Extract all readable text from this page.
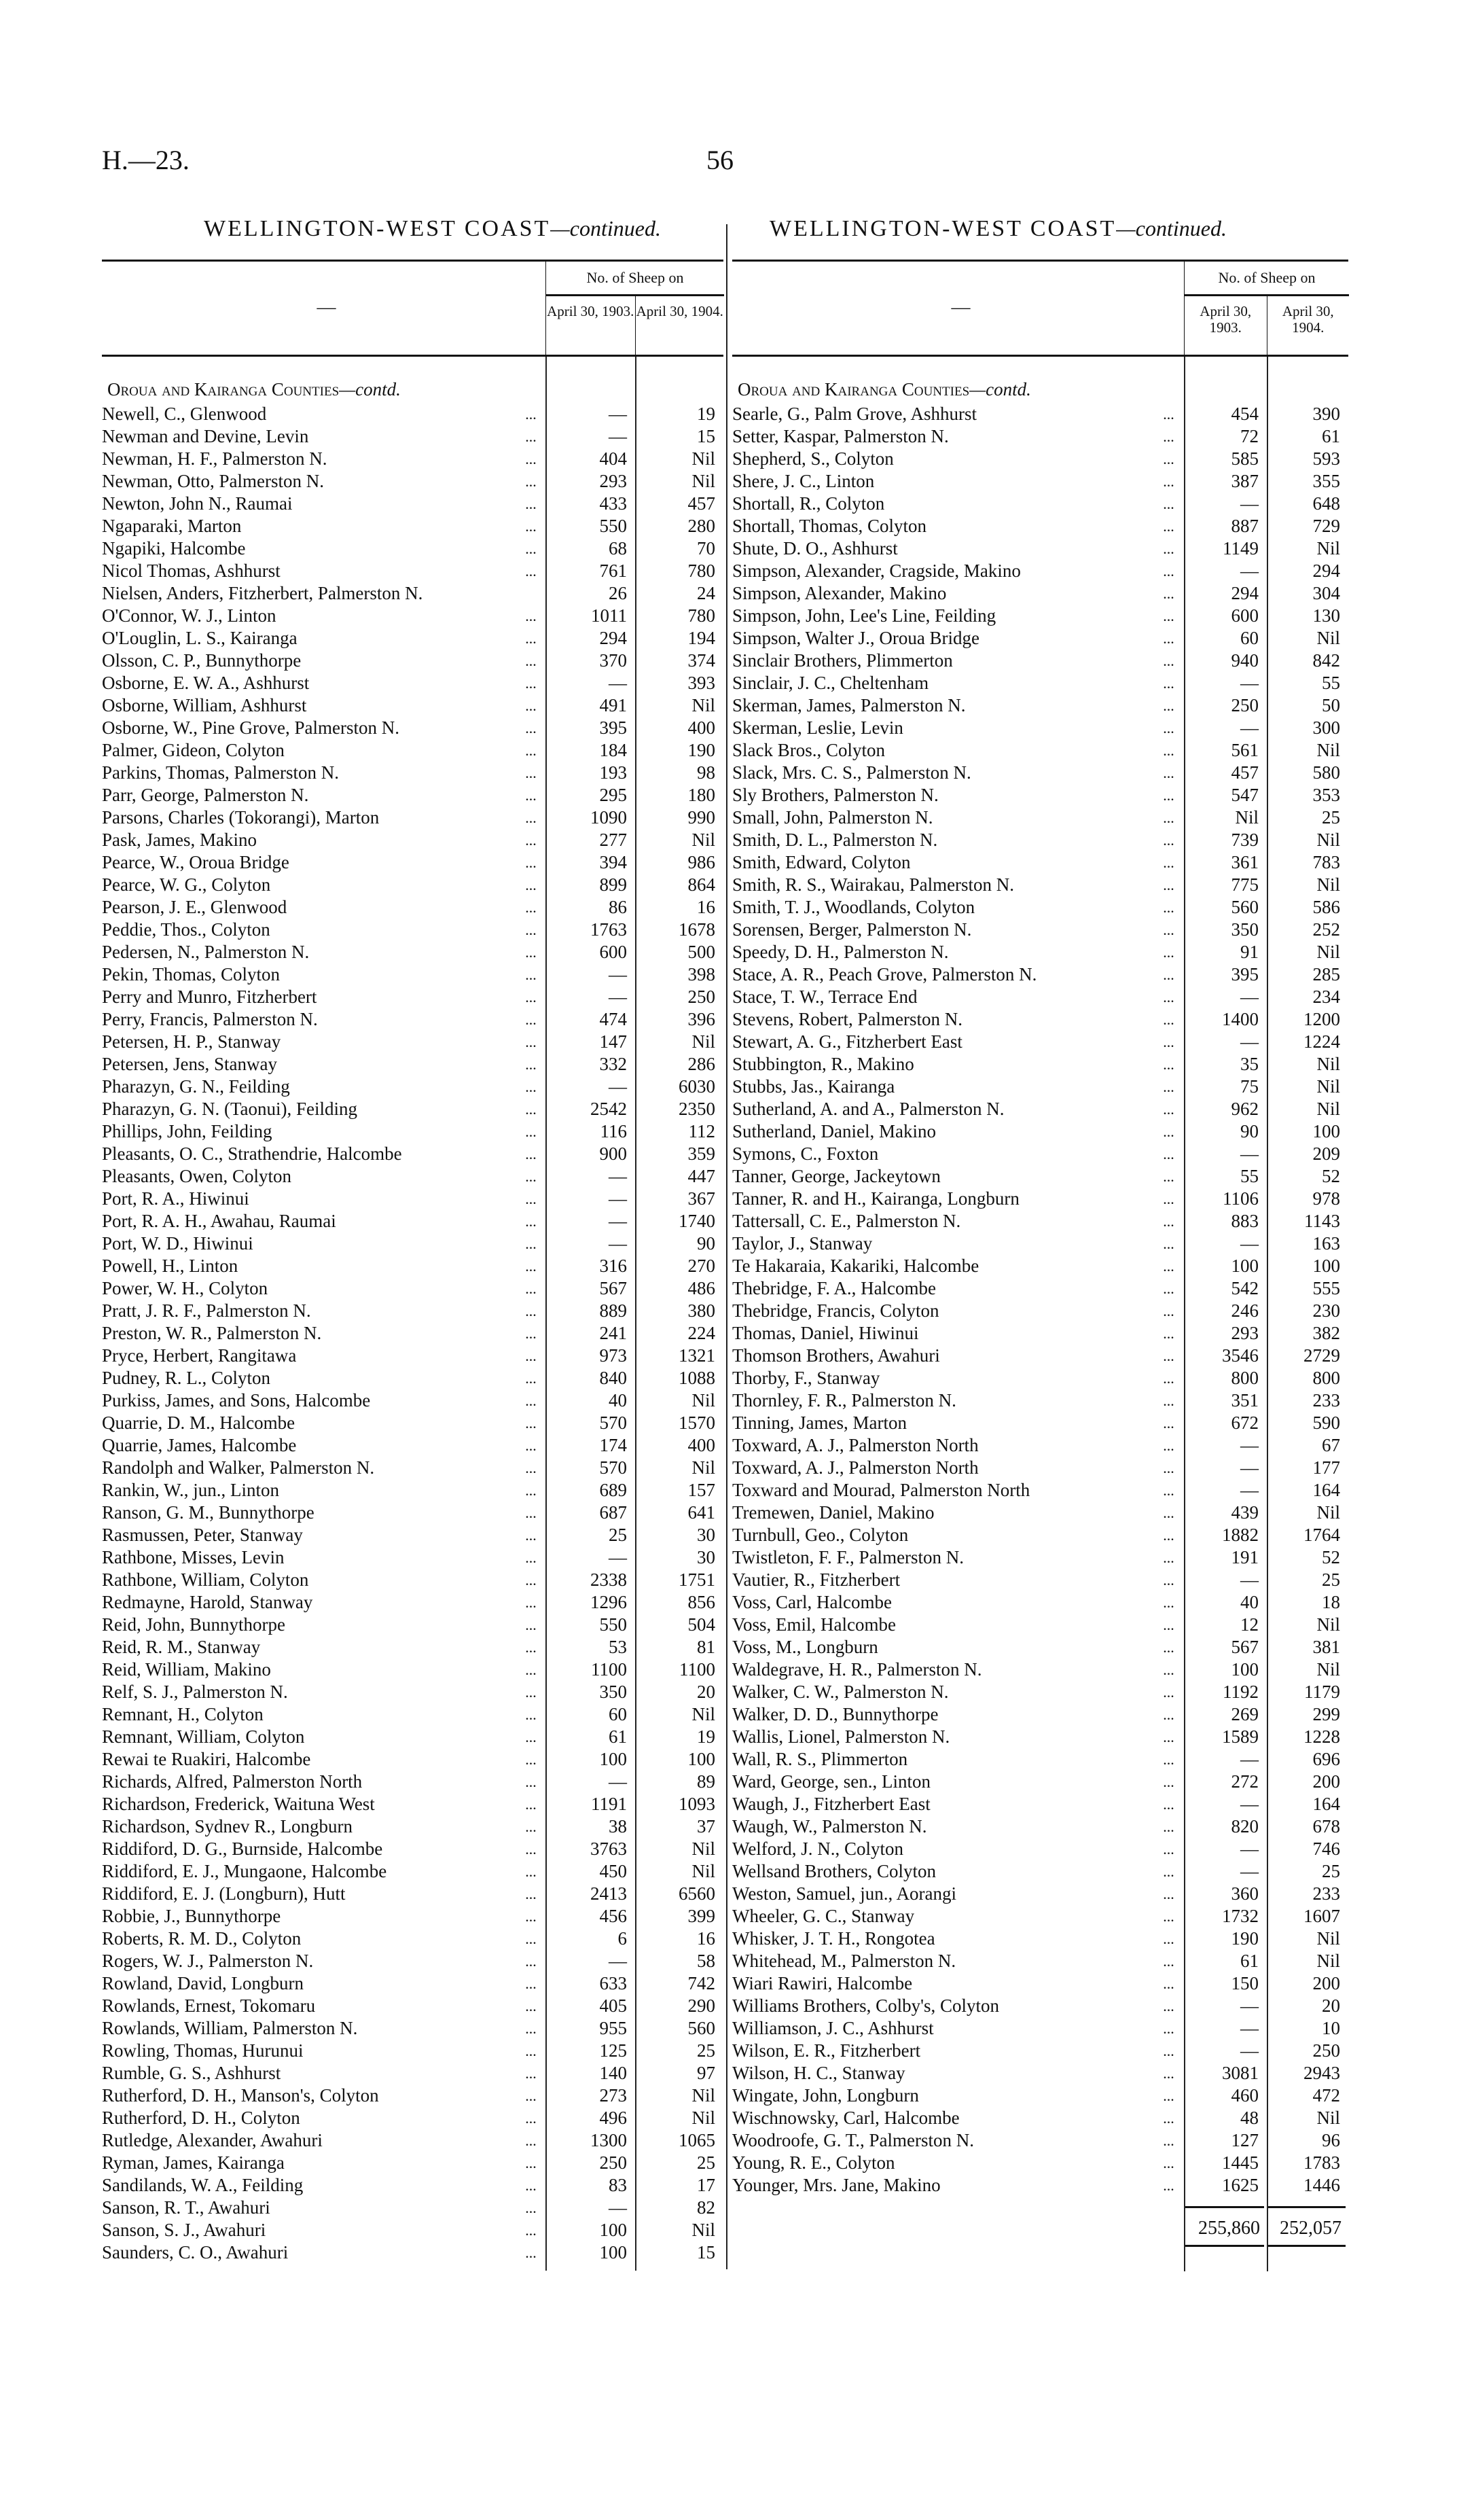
H.—23.	56
WELLINGTON-WEST COAST—continued.	WELLINGTON-WEST COAST—continued.
—
No. of Sheep on
April 30, 1903. April 30, 1904.
Oroua and Kairanga Counties—contd.
Newell, C., Glenwood	...	—	19
Newman and Devine, Levin	...	—	15
Newman, H. F., Palmerston N.	...	404	Nil
Newman, Otto, Palmerston N.	...	293	Nil
Newton, John N., Raumai	...	433	457
Ngaparaki, Marton	...	550	280
Ngapiki, Halcombe	...	68	70
Nicol Thomas, Ashhurst	...	761	780
Nielsen, Anders, Fitzherbert, Palmerston N.	26	24
O'Connor, W. J., Linton	...	1011	780
O'Louglin, L. S., Kairanga	...	294	194
Olsson, C. P., Bunnythorpe	...	370	374
Osborne, E. W. A., Ashhurst	...	—	393
Osborne, William, Ashhurst	...	491	Nil
Osborne, W., Pine Grove, Palmerston N.	...	395	400
Palmer, Gideon, Colyton	...	184	190
Parkins, Thomas, Palmerston N.	...	193	98
Parr, George, Palmerston N.	...	295	180
Parsons, Charles (Tokorangi), Marton	...	1090	990
Pask, James, Makino	...	277	Nil
Pearce, W., Oroua Bridge	...	394	986
Pearce, W. G., Colyton	...	899	864
Pearson, J. E., Glenwood	...	86	16
Peddie, Thos., Colyton	...	1763	1678
Pedersen, N., Palmerston N.	...	600	500
Pekin, Thomas, Colyton	...	—	398
Perry and Munro, Fitzherbert	...	—	250
Perry, Francis, Palmerston N.	...	474	396
Petersen, H. P., Stanway	...	147	Nil
Petersen, Jens, Stanway	...	332	286
Pharazyn, G. N., Feilding	...	—	6030
Pharazyn, G. N. (Taonui), Feilding	...	2542	2350
Phillips, John, Feilding	...	116	112
Pleasants, O. C., Strathendrie, Halcombe	...	900	359
Pleasants, Owen, Colyton	...	—	447
Port, R. A., Hiwinui	...	—	367
Port, R. A. H., Awahau, Raumai	...	—	1740
Port, W. D., Hiwinui	...	—	90
Powell, H., Linton	...	316	270
Power, W. H., Colyton	...	567	486
Pratt, J. R. F., Palmerston N.	...	889	380
Preston, W. R., Palmerston N.	...	241	224
Pryce, Herbert, Rangitawa	...	973	1321
Pudney, R. L., Colyton	...	840	1088
Purkiss, James, and Sons, Halcombe	...	40	Nil
Quarrie, D. M., Halcombe	...	570	1570
Quarrie, James, Halcombe	...	174	400
Randolph and Walker, Palmerston N.	...	570	Nil
Rankin, W., jun., Linton	...	689	157
Ranson, G. M., Bunnythorpe	...	687	641
Rasmussen, Peter, Stanway	...	25	30
Rathbone, Misses, Levin	...	—	30
Rathbone, William, Colyton	...	2338	1751
Redmayne, Harold, Stanway	...	1296	856
Reid, John, Bunnythorpe	...	550	504
Reid, R. M., Stanway	...	53	81
Reid, William, Makino	...	1100	1100
Relf, S. J., Palmerston N.	...	350	20
Remnant, H., Colyton	...	60	Nil
Remnant, William, Colyton	...	61	19
Rewai te Ruakiri, Halcombe	...	100	100
Richards, Alfred, Palmerston North	...	—	89
Richardson, Frederick, Waituna West	...	1191	1093
Richardson, Sydnev R., Longburn	...	38	37
Riddiford, D. G., Burnside, Halcombe	...	3763	Nil
Riddiford, E. J., Mungaone, Halcombe	...	450	Nil
Riddiford, E. J. (Longburn), Hutt	...	2413	6560
Robbie, J., Bunnythorpe	...	456	399
Roberts, R. M. D., Colyton	...	6	16
Rogers, W. J., Palmerston N.	...	—	58
Rowland, David, Longburn	...	633	742
Rowlands, Ernest, Tokomaru	...	405	290
Rowlands, William, Palmerston N.	...	955	560
Rowling, Thomas, Hurunui	...	125	25
Rumble, G. S., Ashhurst	...	140	97
Rutherford, D. H., Manson's, Colyton	...	273	Nil
Rutherford, D. H., Colyton	...	496	Nil
Rutledge, Alexander, Awahuri	...	1300	1065
Ryman, James, Kairanga	...	250	25
Sandilands, W. A., Feilding	...	83	17
Sanson, R. T., Awahuri	...	—	82
Sanson, S. J., Awahuri	...	100	Nil
Saunders, C. O., Awahuri	...	100	15
—
No. of Sheep on
April 30, 1903.
April 30, 1904.
Oroua and Kairanga Counties—contd.
Searle, G., Palm Grove, Ashhurst	...	454	390
Setter, Kaspar, Palmerston N.	...	72	61
Shepherd, S., Colyton	...	585	593
Shere, J. C., Linton	...	387	355
Shortall, R., Colyton	...	—	648
Shortall, Thomas, Colyton	...	887	729
Shute, D. O., Ashhurst	...	1149	Nil
Simpson, Alexander, Cragside, Makino	...	—	294
Simpson, Alexander, Makino	...	294	304
Simpson, John, Lee's Line, Feilding	...	600	130
Simpson, Walter J., Oroua Bridge	...	60	Nil
Sinclair Brothers, Plimmerton	...	940	842
Sinclair, J. C., Cheltenham	...	—	55
Skerman, James, Palmerston N.	...	250	50
Skerman, Leslie, Levin	...	—	300
Slack Bros., Colyton	...	561	Nil
Slack, Mrs. C. S., Palmerston N.	...	457	580
Sly Brothers, Palmerston N.	...	547	353
Small, John, Palmerston N.	...	Nil	25
Smith, D. L., Palmerston N.	...	739	Nil
Smith, Edward, Colyton	...	361	783
Smith, R. S., Wairakau, Palmerston N.	...	775	Nil
Smith, T. J., Woodlands, Colyton	...	560	586
Sorensen, Berger, Palmerston N.	...	350	252
Speedy, D. H., Palmerston N.	...	91	Nil
Stace, A. R., Peach Grove, Palmerston N.	...	395	285
Stace, T. W., Terrace End	...	—	234
Stevens, Robert, Palmerston N.	...	1400	1200
Stewart, A. G., Fitzherbert East	...	—	1224
Stubbington, R., Makino	...	35	Nil
Stubbs, Jas., Kairanga	...	75	Nil
Sutherland, A. and A., Palmerston N.	...	962	Nil
Sutherland, Daniel, Makino	...	90	100
Symons, C., Foxton	...	—	209
Tanner, George, Jackeytown	...	55	52
Tanner, R. and H., Kairanga, Longburn	...	1106	978
Tattersall, C. E., Palmerston N.	...	883	1143
Taylor, J., Stanway	...	—	163
Te Hakaraia, Kakariki, Halcombe	...	100	100
Thebridge, F. A., Halcombe	...	542	555
Thebridge, Francis, Colyton	...	246	230
Thomas, Daniel, Hiwinui	...	293	382
Thomson Brothers, Awahuri	...	3546	2729
Thorby, F., Stanway	...	800	800
Thornley, F. R., Palmerston N.	...	351	233
Tinning, James, Marton	...	672	590
Toxward, A. J., Palmerston North	...	—	67
Toxward, A. J., Palmerston North	...	—	177
Toxward and Mourad, Palmerston North	...	—	164
Tremewen, Daniel, Makino	...	439	Nil
Turnbull, Geo., Colyton	...	1882	1764
Twistleton, F. F., Palmerston N.	...	191	52
Vautier, R., Fitzherbert	...	—	25
Voss, Carl, Halcombe	...	40	18
Voss, Emil, Halcombe	...	12	Nil
Voss, M., Longburn	...	567	381
Waldegrave, H. R., Palmerston N.	...	100	Nil
Walker, C. W., Palmerston N.	...	1192	1179
Walker, D. D., Bunnythorpe	...	269	299
Wallis, Lionel, Palmerston N.	...	1589	1228
Wall, R. S., Plimmerton	...	—	696
Ward, George, sen., Linton	...	272	200
Waugh, J., Fitzherbert East	...	—	164
Waugh, W., Palmerston N.	...	820	678
Welford, J. N., Colyton	...	—	746
Wellsand Brothers, Colyton	...	—	25
Weston, Samuel, jun., Aorangi	...	360	233
Wheeler, G. C., Stanway	...	1732	1607
Whisker, J. T. H., Rongotea	...	190	Nil
Whitehead, M., Palmerston N.	...	61	Nil
Wiari Rawiri, Halcombe	...	150	200
Williams Brothers, Colby's, Colyton	...	—	20
Williamson, J. C., Ashhurst	...	—	10
Wilson, E. R., Fitzherbert	...	—	250
Wilson, H. C., Stanway	...	3081	2943
Wingate, John, Longburn	...	460	472
Wischnowsky, Carl, Halcombe	...	48	Nil
Woodroofe, G. T., Palmerston N.	...	127	96
Young, R. E., Colyton	...	1445	1783
Younger, Mrs. Jane, Makino	...	1625	1446
255,860	252,057
